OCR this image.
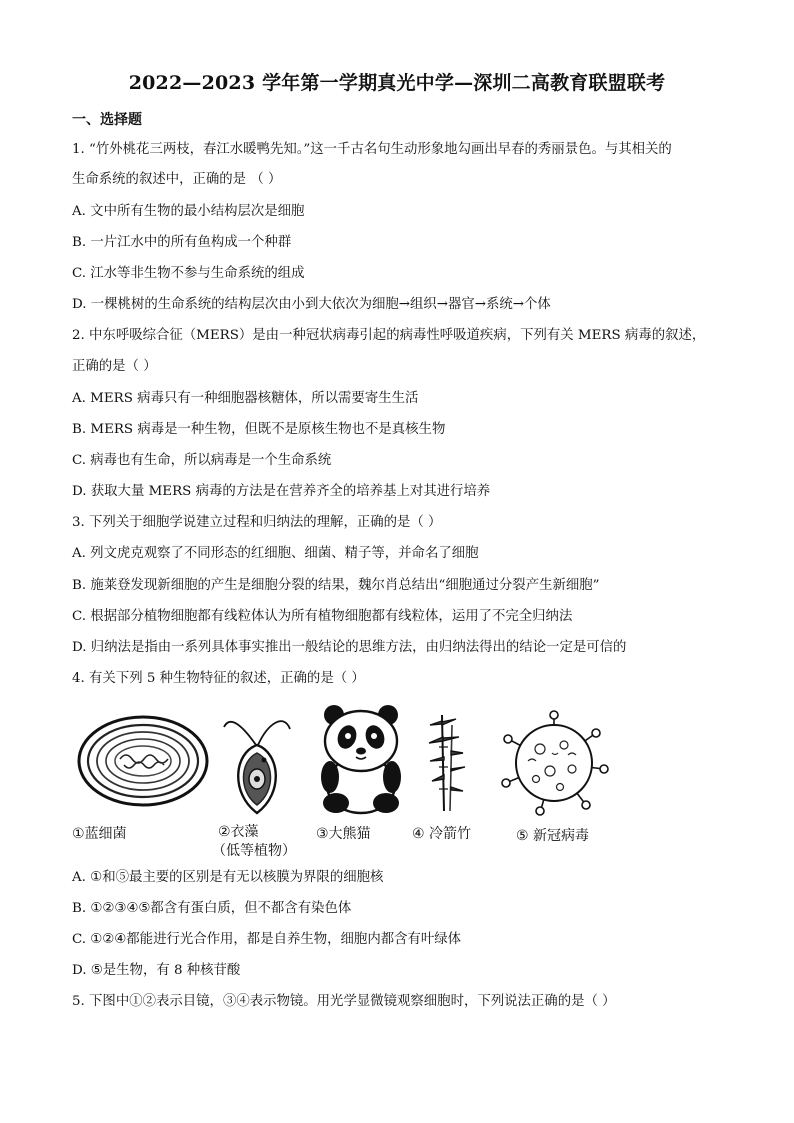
2022—2023 学年第一学期真光中学—深圳二高教育联盟联考
一、选择题
1. “竹外桃花三两枝，春江水暖鸭先知。”这一千古名句生动形象地勾画出早春的秀丽景色。与其相关的
生命系统的叙述中，正确的是 （ ）
A. 文中所有生物的最小结构层次是细胞
B. 一片江水中的所有鱼构成一个种群
C. 江水等非生物不参与生命系统的组成
D. 一棵桃树的生命系统的结构层次由小到大依次为细胞→组织→器官→系统→个体
2. 中东呼吸综合征（MERS）是由一种冠状病毒引起的病毒性呼吸道疾病，下列有关 MERS 病毒的叙述，
正确的是（ ）
A. MERS 病毒只有一种细胞器核糖体，所以需要寄生生活
B. MERS 病毒是一种生物，但既不是原核生物也不是真核生物
C. 病毒也有生命，所以病毒是一个生命系统
D. 获取大量 MERS 病毒的方法是在营养齐全的培养基上对其进行培养
3. 下列关于细胞学说建立过程和归纳法的理解，正确的是（ ）
A. 列文虎克观察了不同形态的红细胞、细菌、精子等，并命名了细胞
B. 施莱登发现新细胞的产生是细胞分裂的结果，魏尔肖总结出“细胞通过分裂产生新细胞”
C. 根据部分植物细胞都有线粒体认为所有植物细胞都有线粒体，运用了不完全归纳法
D. 归纳法是指由一系列具体事实推出一般结论的思维方法，由归纳法得出的结论一定是可信的
4. 有关下列 5 种生物特征的叙述，正确的是（ ）
①蓝细菌	②衣藻
（低等植物）
③大熊猫	④ 冷箭竹	⑤ 新冠病毒
A. ①和⑤最主要的区别是有无以核膜为界限的细胞核
B. ①②③④⑤都含有蛋白质，但不都含有染色体
C. ①②④都能进行光合作用，都是自养生物，细胞内都含有叶绿体
D. ⑤是生物，有 8 种核苷酸
5. 下图中①②表示目镜，③④表示物镜。用光学显微镜观察细胞时，下列说法正确的是（ ）
